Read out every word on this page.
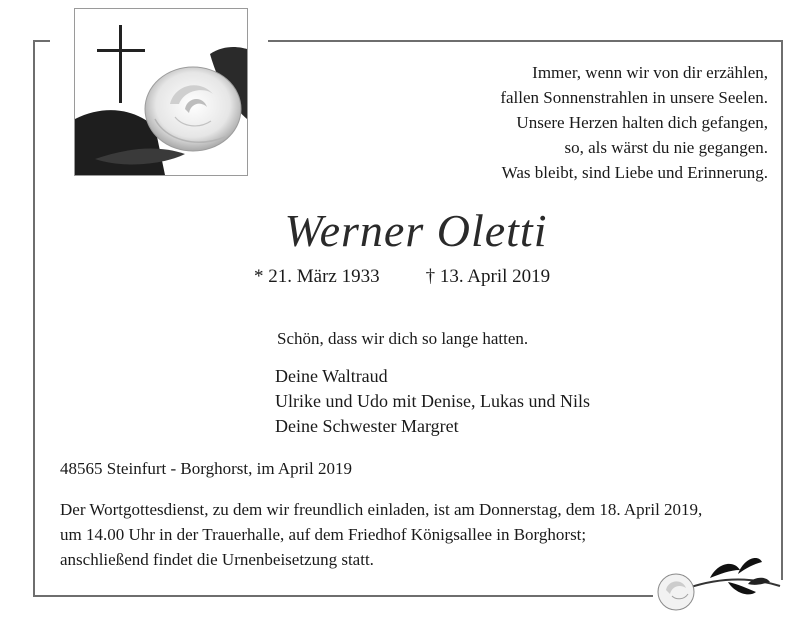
Immer, wenn wir von dir erzählen,
fallen Sonnenstrahlen in unsere Seelen.
Unsere Herzen halten dich gefangen,
so, als wärst du nie gegangen.
Was bleibt, sind Liebe und Erinnerung.
Werner Oletti
* 21. März 1933 † 13. April 2019
Schön, dass wir dich so lange hatten.
Deine Waltraud
Ulrike und Udo mit Denise, Lukas und Nils
Deine Schwester Margret
48565 Steinfurt - Borghorst, im April 2019
Der Wortgottesdienst, zu dem wir freundlich einladen, ist am Donnerstag, dem 18. April 2019,
um 14.00 Uhr in der Trauerhalle, auf dem Friedhof Königsallee in Borghorst;
anschließend findet die Urnenbeisetzung statt.
